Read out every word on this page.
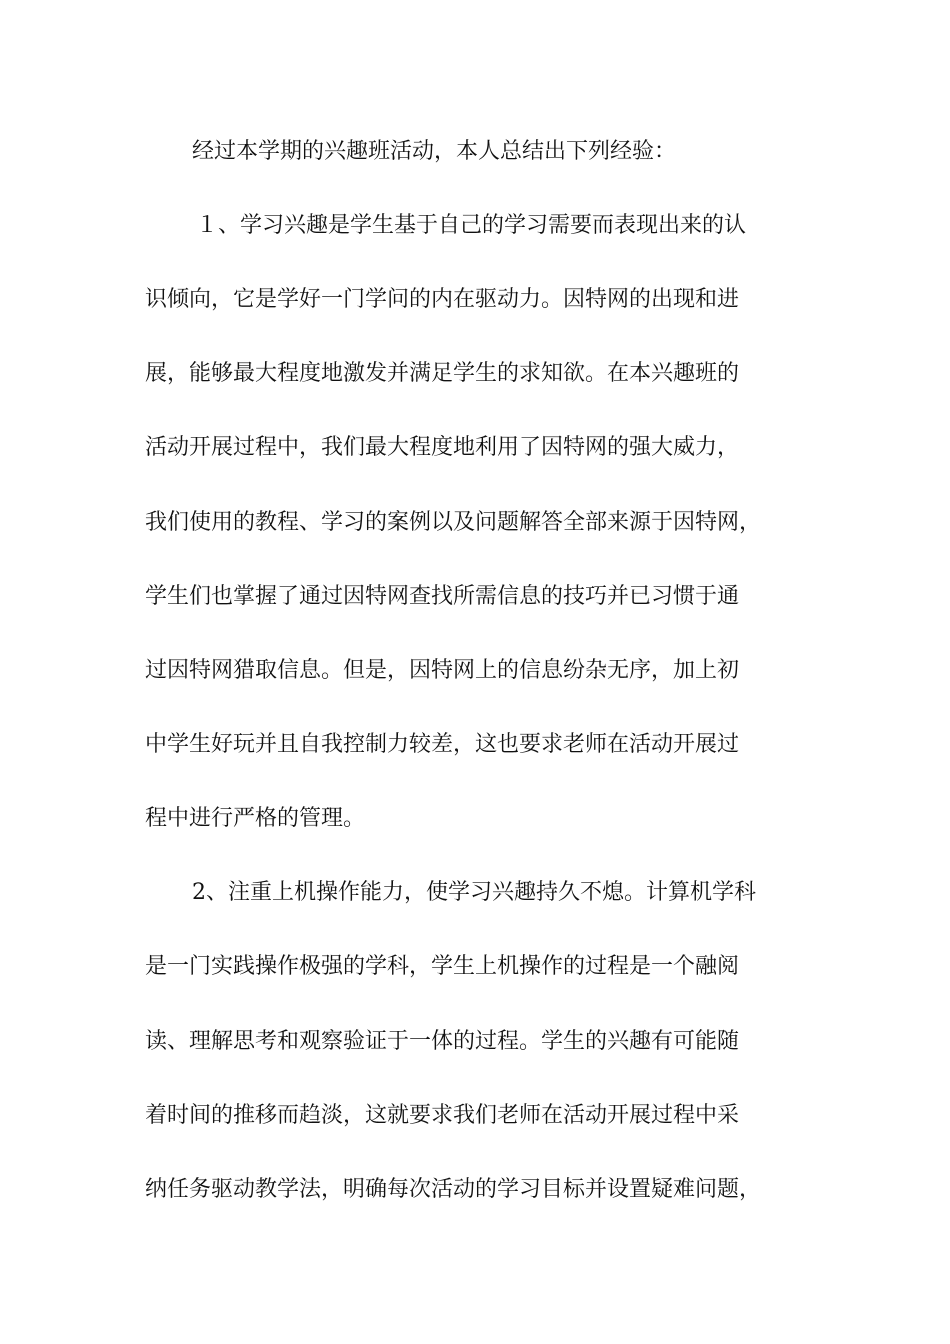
经过本学期的兴趣班活动，本人总结出下列经验：
１、学习兴趣是学生基于自己的学习需要而表现出来的认
识倾向，它是学好一门学问的内在驱动力。因特网的出现和进
展，能够最大程度地激发并满足学生的求知欲。在本兴趣班的
活动开展过程中，我们最大程度地利用了因特网的强大威力，
我们使用的教程、学习的案例以及问题解答全部来源于因特网，
学生们也掌握了通过因特网查找所需信息的技巧并已习惯于通
过因特网猎取信息。但是，因特网上的信息纷杂无序，加上初
中学生好玩并且自我控制力较差，这也要求老师在活动开展过
程中进行严格的管理。
2、注重上机操作能力，使学习兴趣持久不熄。计算机学科
是一门实践操作极强的学科，学生上机操作的过程是一个融阅
读、理解思考和观察验证于一体的过程。学生的兴趣有可能随
着时间的推移而趋淡，这就要求我们老师在活动开展过程中采
纳任务驱动教学法，明确每次活动的学习目标并设置疑难问题，
